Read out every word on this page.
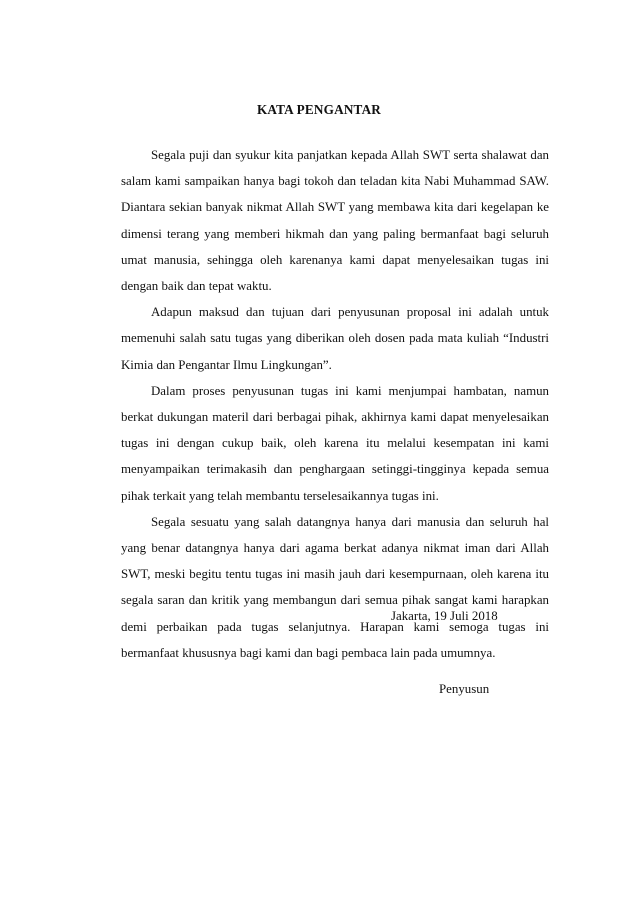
KATA PENGANTAR

Segala puji dan syukur kita panjatkan kepada Allah SWT serta shalawat dan salam kami sampaikan hanya bagi tokoh dan teladan kita Nabi Muhammad SAW. Diantara sekian banyak nikmat Allah SWT yang membawa kita dari kegelapan ke dimensi terang yang memberi hikmah dan yang paling bermanfaat bagi seluruh umat manusia, sehingga oleh karenanya kami dapat menyelesaikan tugas ini dengan baik dan tepat waktu.

Adapun maksud dan tujuan dari penyusunan proposal ini adalah untuk memenuhi salah satu tugas yang diberikan oleh dosen pada mata kuliah “Industri Kimia dan Pengantar Ilmu Lingkungan”.

Dalam proses penyusunan tugas ini kami menjumpai hambatan, namun berkat dukungan materil dari berbagai pihak, akhirnya kami dapat menyelesaikan tugas ini dengan cukup baik, oleh karena itu melalui kesempatan ini kami menyampaikan terimakasih dan penghargaan setinggi-tingginya kepada semua pihak terkait yang telah membantu terselesaikannya tugas ini.

Segala sesuatu yang salah datangnya hanya dari manusia dan seluruh hal yang benar datangnya hanya dari agama berkat adanya nikmat iman dari Allah SWT, meski begitu tentu tugas ini masih jauh dari kesempurnaan, oleh karena itu segala saran dan kritik yang membangun dari semua pihak sangat kami harapkan demi perbaikan pada tugas selanjutnya. Harapan kami semoga tugas ini bermanfaat khususnya bagi kami dan bagi pembaca lain pada umumnya.

Jakarta, 19 Juli 2018
Penyusun
